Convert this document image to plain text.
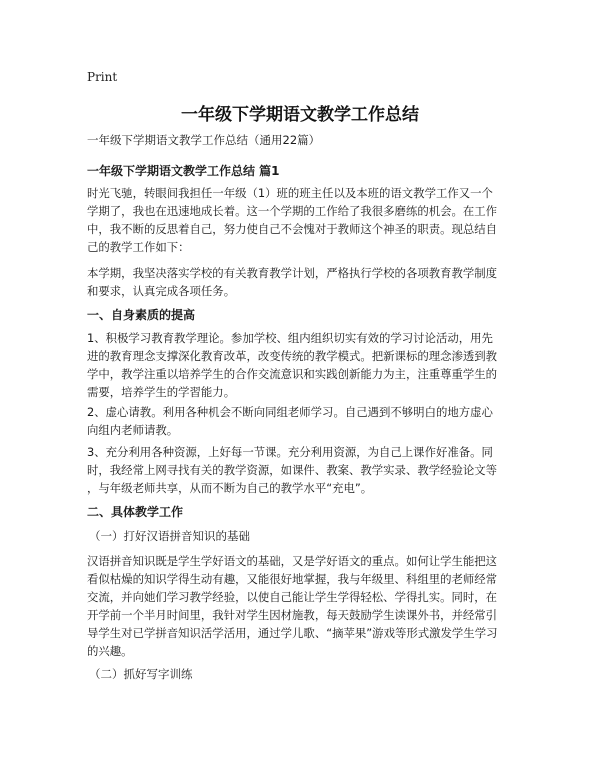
Print
一年级下学期语文教学工作总结
一年级下学期语文教学工作总结（通用22篇）
一年级下学期语文教学工作总结 篇1
时光飞驰，转眼间我担任一年级（1）班的班主任以及本班的语文教学工作又一个
学期了，我也在迅速地成长着。这一个学期的工作给了我很多磨练的机会。在工作
中，我不断的反思着自己，努力使自己不会愧对于教师这个神圣的职责。现总结自
己的教学工作如下：
本学期，我坚决落实学校的有关教育教学计划，严格执行学校的各项教育教学制度
和要求，认真完成各项任务。
一、自身素质的提高
1、积极学习教育教学理论。参加学校、组内组织切实有效的学习讨论活动，用先
进的教育理念支撑深化教育改革，改变传统的教学模式。把新课标的理念渗透到教
学中，教学注重以培养学生的合作交流意识和实践创新能力为主，注重尊重学生的
需要，培养学生的学習能力。
2、虚心请教。利用各种机会不断向同组老师学习。自己遇到不够明白的地方虚心
向组内老师请教。
3、充分利用各种资源，上好每一节课。充分利用资源，为自己上课作好准备。同
时，我经常上网寻找有关的教学资源，如课件、教案、教学实录、教学经验论文等
，与年级老师共享，从而不断为自己的教学水平“充电”。
二、具体教学工作
（一）打好汉语拼音知识的基础
汉语拼音知识既是学生学好语文的基础，又是学好语文的重点。如何让学生能把这
看似枯燥的知识学得生动有趣，又能很好地掌握，我与年级里、科组里的老师经常
交流，并向她们学习教学经验，以使自己能让学生学得轻松、学得扎实。同时，在
开学前一个半月时间里，我针对学生因材施教，每天鼓励学生读课外书，并经常引
导学生对已学拼音知识活学活用，通过学儿歌、“摘苹果”游戏等形式激发学生学习
的兴趣。
（二）抓好写字训练
